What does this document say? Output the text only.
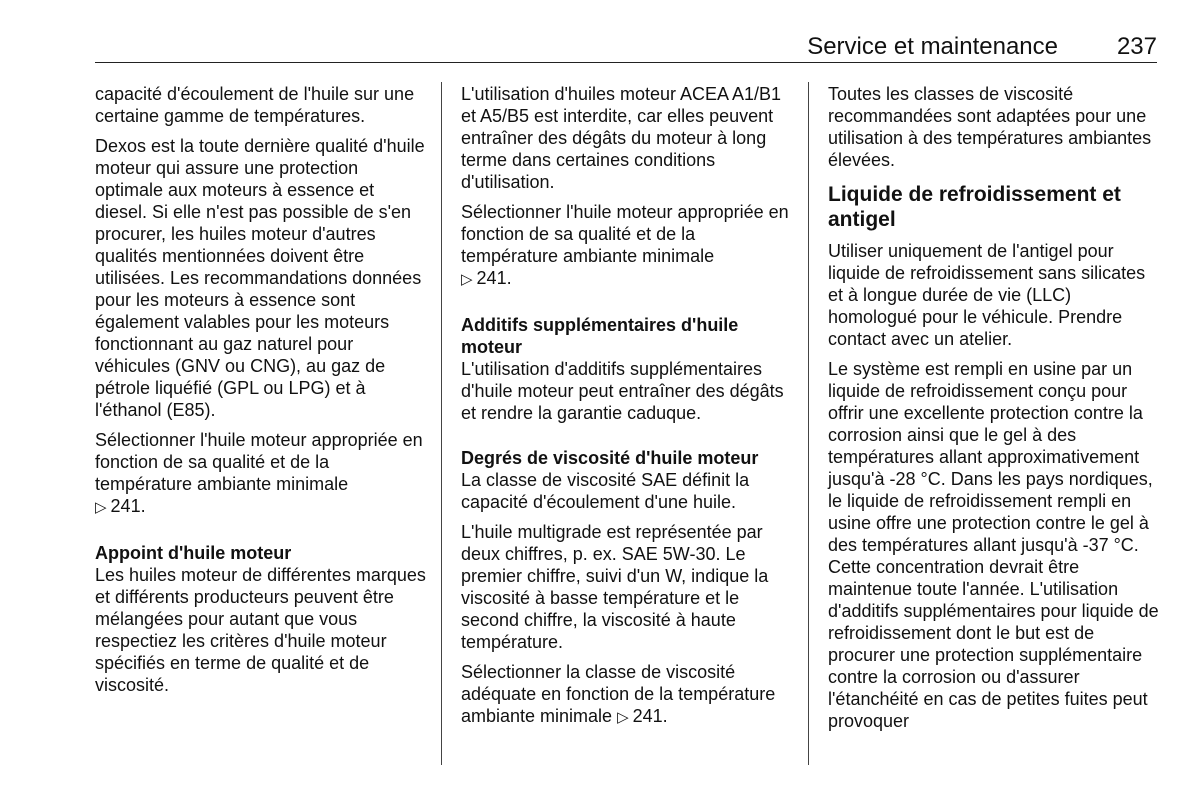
Service et maintenance 237

capacité d'écoulement de l'huile sur une certaine gamme de températures.

Dexos est la toute dernière qualité d'huile moteur qui assure une protection optimale aux moteurs à essence et diesel. Si elle n'est pas possible de s'en procurer, les huiles moteur d'autres qualités mentionnées doivent être utilisées. Les recommandations données pour les moteurs à essence sont également valables pour les moteurs fonctionnant au gaz naturel pour véhicules (GNV ou CNG), au gaz de pétrole liquéfié (GPL ou LPG) et à l'éthanol (E85).

Sélectionner l'huile moteur appropriée en fonction de sa qualité et de la température ambiante minimale
▷ 241.

Appoint d'huile moteur

Les huiles moteur de différentes marques et différents producteurs peuvent être mélangées pour autant que vous respectiez les critères d'huile moteur spécifiés en terme de qualité et de viscosité.

L'utilisation d'huiles moteur ACEA A1/B1 et A5/B5 est interdite, car elles peuvent entraîner des dégâts du moteur à long terme dans certaines conditions d'utilisation.

Sélectionner l'huile moteur appropriée en fonction de sa qualité et de la température ambiante minimale
▷ 241.

Additifs supplémentaires d'huile moteur

L'utilisation d'additifs supplémentaires d'huile moteur peut entraîner des dégâts et rendre la garantie caduque.

Degrés de viscosité d'huile moteur

La classe de viscosité SAE définit la capacité d'écoulement d'une huile.

L'huile multigrade est représentée par deux chiffres, p. ex. SAE 5W-30. Le premier chiffre, suivi d'un W, indique la viscosité à basse température et le second chiffre, la viscosité à haute température.

Sélectionner la classe de viscosité adéquate en fonction de la température ambiante minimale ▷ 241.

Toutes les classes de viscosité recommandées sont adaptées pour une utilisation à des températures ambiantes élevées.

Liquide de refroidissement et antigel

Utiliser uniquement de l'antigel pour liquide de refroidissement sans silicates et à longue durée de vie (LLC) homologué pour le véhicule. Prendre contact avec un atelier.

Le système est rempli en usine par un liquide de refroidissement conçu pour offrir une excellente protection contre la corrosion ainsi que le gel à des températures allant approximativement jusqu'à -28 °C. Dans les pays nordiques, le liquide de refroidissement rempli en usine offre une protection contre le gel à des températures allant jusqu'à -37 °C. Cette concentration devrait être maintenue toute l'année. L'utilisation d'additifs supplémentaires pour liquide de refroidissement dont le but est de procurer une protection supplémentaire contre la corrosion ou d'assurer l'étanchéité en cas de petites fuites peut provoquer
